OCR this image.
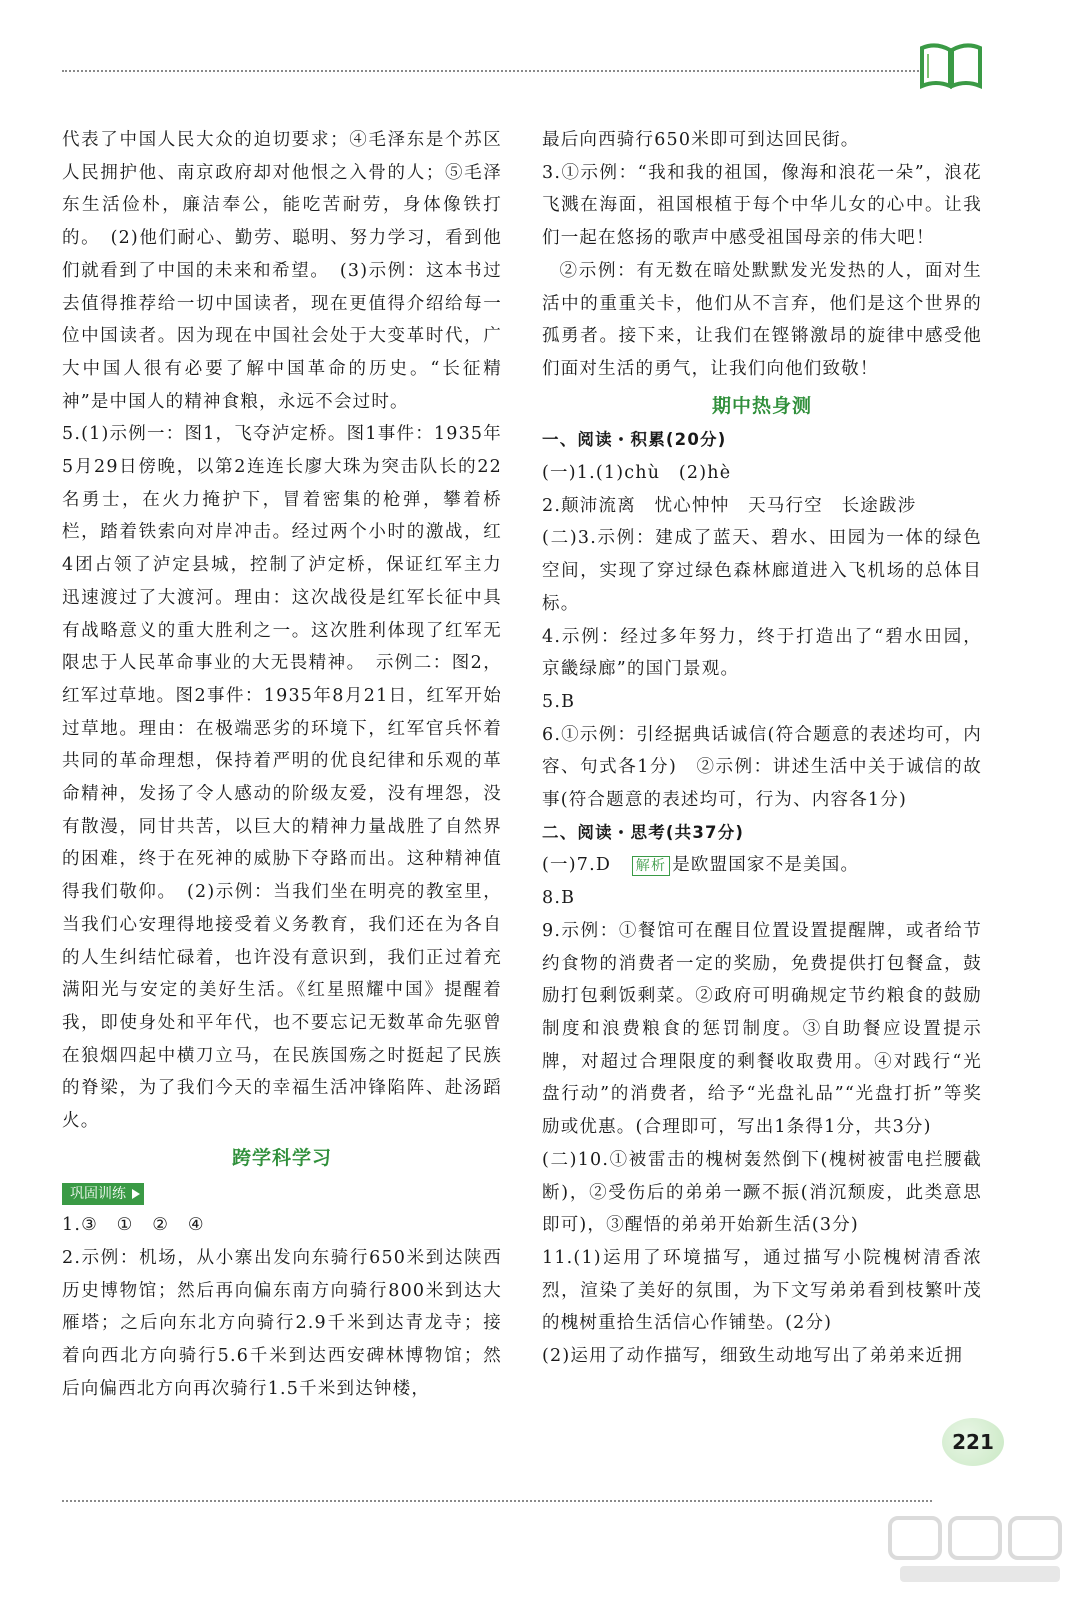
代表了中国人民大众的迫切要求；④毛泽东是个苏区人民拥护他、南京政府却对他恨之入骨的人；⑤毛泽东生活俭朴，廉洁奉公，能吃苦耐劳，身体像铁打的。　(2)他们耐心、勤劳、聪明、努力学习，看到他们就看到了中国的未来和希望。　(3)示例：这本书过去值得推荐给一切中国读者，现在更值得介绍给每一位中国读者。因为现在中国社会处于大变革时代，广大中国人很有必要了解中国革命的历史。“长征精神”是中国人的精神食粮，永远不会过时。

5.(1)示例一：图1，飞夺泸定桥。图1事件：1935年5月29日傍晚，以第2连连长廖大珠为突击队长的22名勇士，在火力掩护下，冒着密集的枪弹，攀着桥栏，踏着铁索向对岸冲击。经过两个小时的激战，红4团占领了泸定县城，控制了泸定桥，保证红军主力迅速渡过了大渡河。理由：这次战役是红军长征中具有战略意义的重大胜利之一。这次胜利体现了红军无限忠于人民革命事业的大无畏精神。　示例二：图2，红军过草地。图2事件：1935年8月21日，红军开始过草地。理由：在极端恶劣的环境下，红军官兵怀着共同的革命理想，保持着严明的优良纪律和乐观的革命精神，发扬了令人感动的阶级友爱，没有埋怨，没有散漫，同甘共苦，以巨大的精神力量战胜了自然界的困难，终于在死神的威胁下夺路而出。这种精神值得我们敬仰。　(2)示例：当我们坐在明亮的教室里，当我们心安理得地接受着义务教育，我们还在为各自的人生纠结忙碌着，也许没有意识到，我们正过着充满阳光与安定的美好生活。《红星照耀中国》提醒着我，即使身处和平年代，也不要忘记无数革命先驱曾在狼烟四起中横刀立马，在民族国殇之时挺起了民族的脊梁，为了我们今天的幸福生活冲锋陷阵、赴汤蹈火。

跨学科学习
巩固训练

1.③　①　②　④

2.示例：机场，从小寨出发向东骑行650米到达陕西历史博物馆；然后再向偏东南方向骑行800米到达大雁塔；之后向东北方向骑行2.9千米到达青龙寺；接着向西北方向骑行5.6千米到达西安碑林博物馆；然后向偏西北方向再次骑行1.5千米到达钟楼，

最后向西骑行650米即可到达回民街。

3.①示例：“我和我的祖国，像海和浪花一朵”，浪花飞溅在海面，祖国根植于每个中华儿女的心中。让我们一起在悠扬的歌声中感受祖国母亲的伟大吧！

②示例：有无数在暗处默默发光发热的人，面对生活中的重重关卡，他们从不言弃，他们是这个世界的孤勇者。接下来，让我们在铿锵激昂的旋律中感受他们面对生活的勇气，让我们向他们致敬！

期中热身测

一、阅读・积累(20分)

(一)1.(1)chù　(2)hè

2.颠沛流离　忧心忡忡　天马行空　长途跋涉

(二)3.示例：建成了蓝天、碧水、田园为一体的绿色空间，实现了穿过绿色森林廊道进入飞机场的总体目标。

4.示例：经过多年努力，终于打造出了“碧水田园，京畿绿廊”的国门景观。

5.B

6.①示例：引经据典话诚信(符合题意的表述均可，内容、句式各1分)　②示例：讲述生活中关于诚信的故事(符合题意的表述均可，行为、内容各1分)

二、阅读・思考(共37分)

(一)7.D　解析 是欧盟国家不是美国。

8.B

9.示例：①餐馆可在醒目位置设置提醒牌，或者给节约食物的消费者一定的奖励，免费提供打包餐盒，鼓励打包剩饭剩菜。②政府可明确规定节约粮食的鼓励制度和浪费粮食的惩罚制度。③自助餐应设置提示牌，对超过合理限度的剩餐收取费用。④对践行“光盘行动”的消费者，给予“光盘礼品”“光盘打折”等奖励或优惠。(合理即可，写出1条得1分，共3分)

(二)10.①被雷击的槐树轰然倒下(槐树被雷电拦腰截断)，②受伤后的弟弟一蹶不振(消沉颓废，此类意思即可)，③醒悟的弟弟开始新生活(3分)

11.(1)运用了环境描写，通过描写小院槐树清香浓烈，渲染了美好的氛围，为下文写弟弟看到枝繁叶茂的槐树重拾生活信心作铺垫。(2分)

(2)运用了动作描写，细致生动地写出了弟弟来近拥

221
